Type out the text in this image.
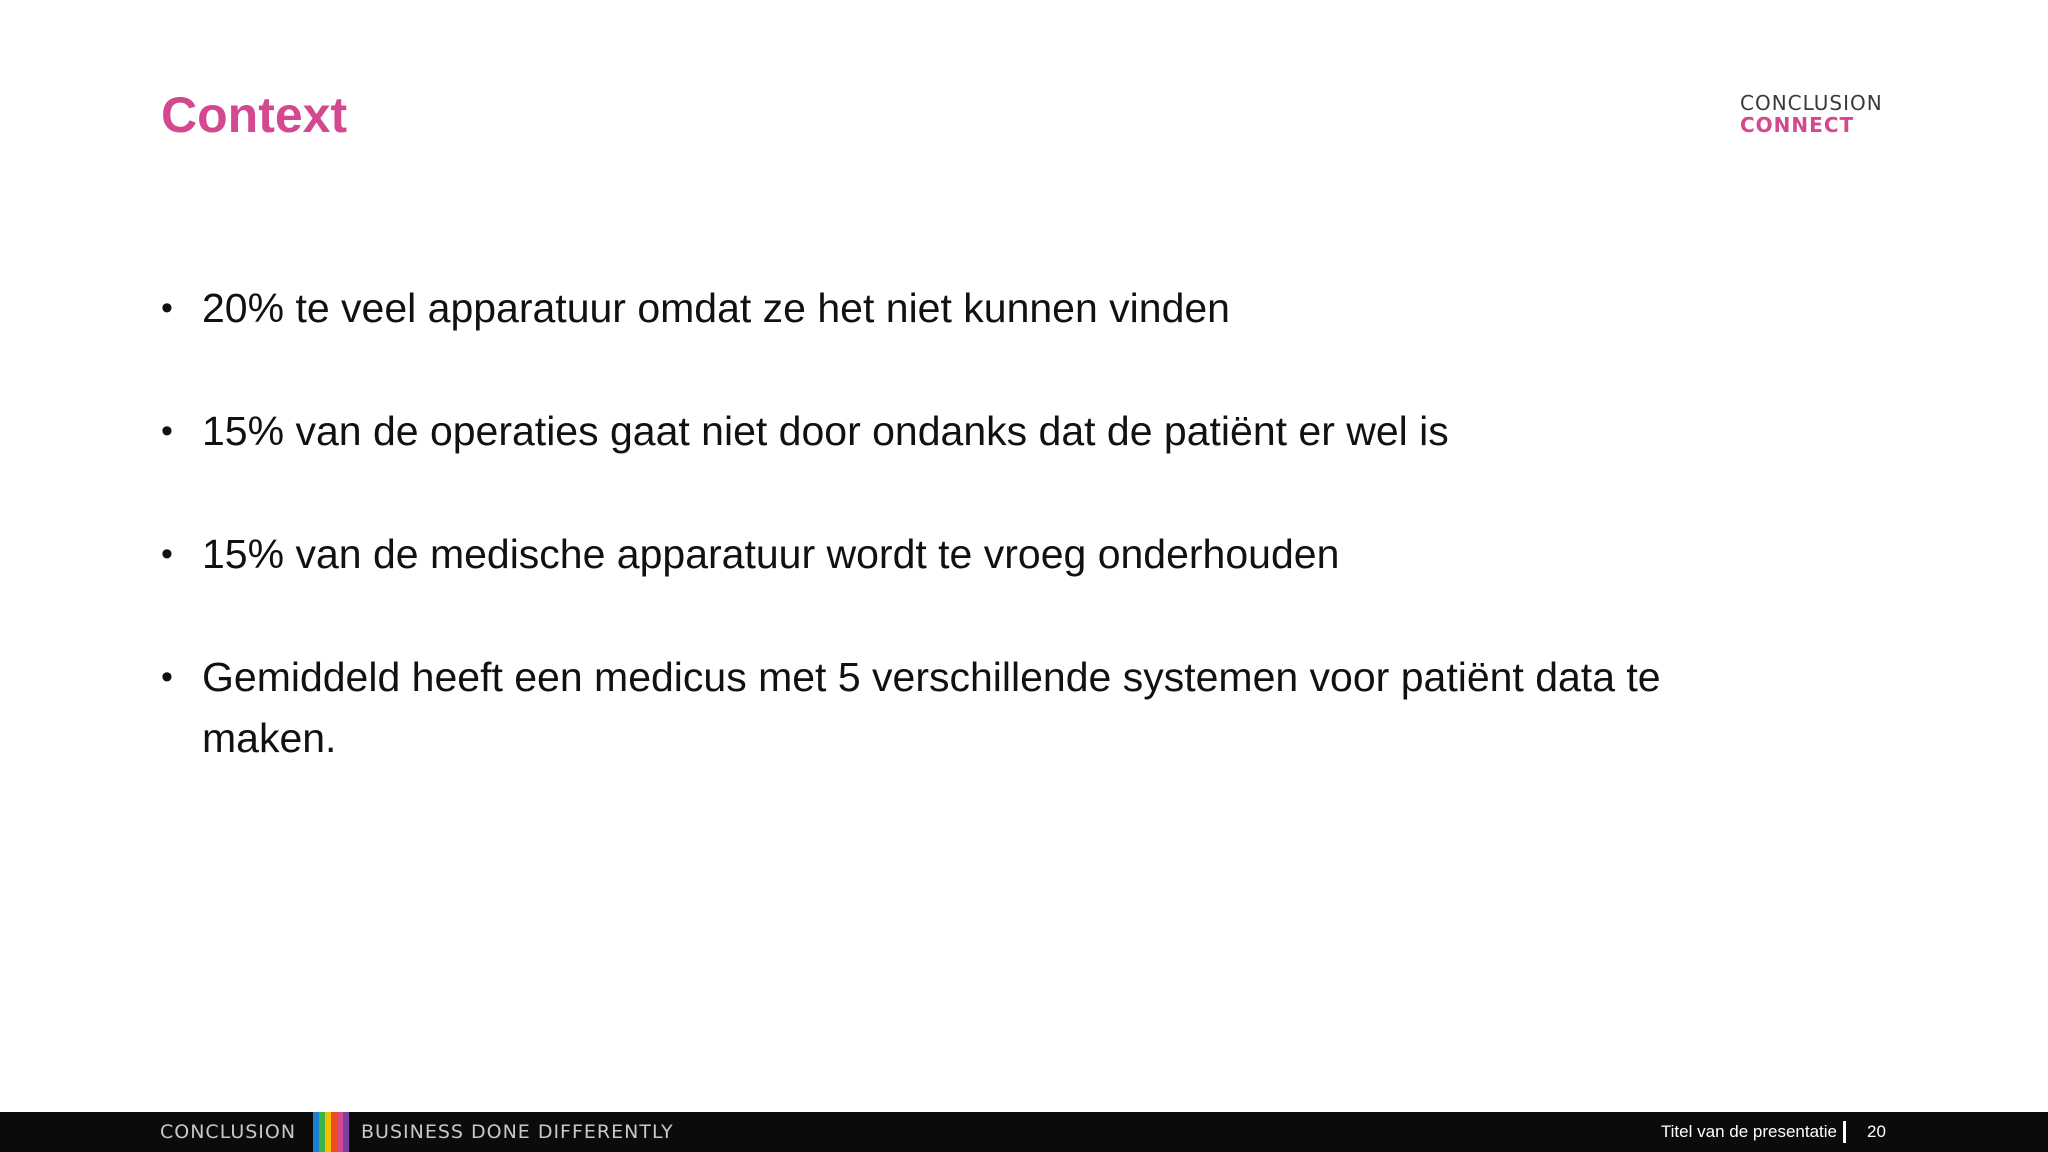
Context	CONCLUSION
CONNECT
• 20% te veel apparatuur omdat ze het niet kunnen vinden
• 15% van de operaties gaat niet door ondanks dat de patiënt er wel is
• 15% van de medische apparatuur wordt te vroeg onderhouden
• Gemiddeld heeft een medicus met 5 verschillende systemen voor patiënt data te maken.
CONCLUSION	BUSINESS DONE DIFFERENTLY	Titel van de presentatie 20
